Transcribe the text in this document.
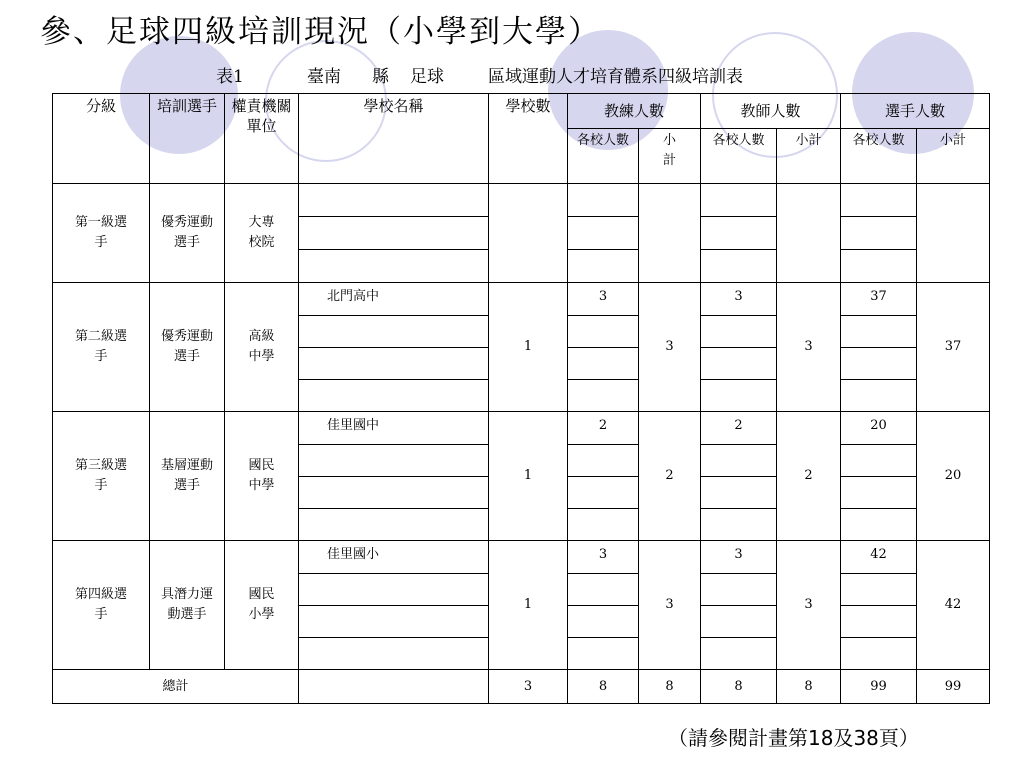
參、足球四級培訓現況（小學到大學）
表1	臺南 縣 足球	區域運動人才培育體系四級培訓表
分級	培訓選手	權責機關單位	學校名稱	學校數	教練人數		教師人數		選手人數	
					各校人數	小計	各校人數	小計	各校人數	小計
第一級選手	優秀運動選手	大專校院								

第二級選手	優秀運動選手	高級中學	北門高中	1	3	3	3	3	37	37

第三級選手	基層運動選手	國民中學	佳里國中	1	2	2	2	2	20	20

第四級選手	具潛力運動選手	國民小學	佳里國小	1	3	3	3	3	42	42

總計				3	8	8	8	8	99	99
（請參閱計畫第18及38頁）
